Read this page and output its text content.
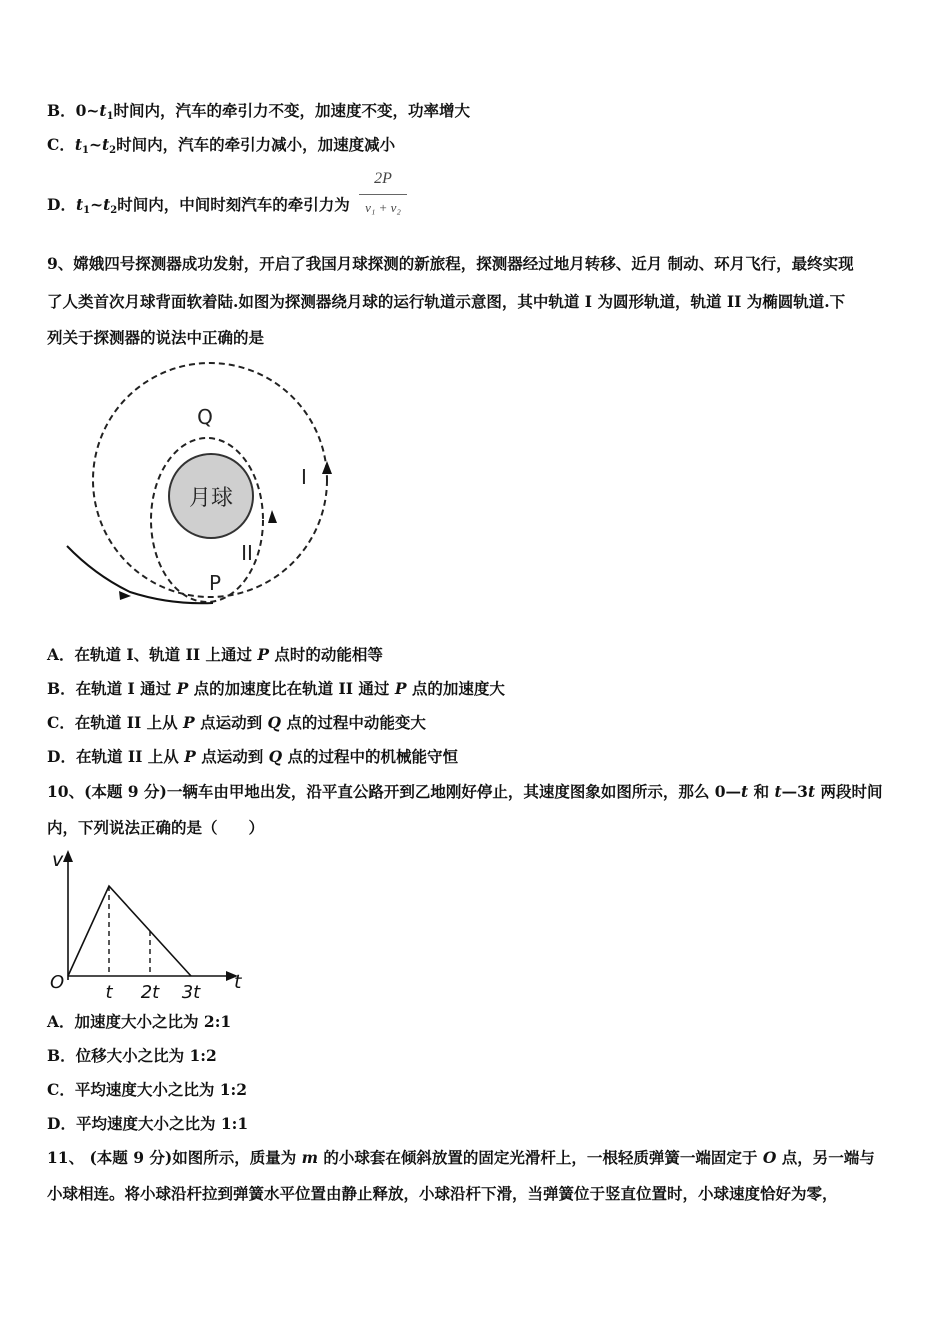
B．$0\sim t_1$时间内，汽车的牵引力不变，加速度不变，功率增大
C．$t_1\sim t_2$时间内，汽车的牵引力减小，加速度减小
D．$t_1\sim t_2$时间内，中间时刻汽车的牵引力为
2P
v₁ + v₂
9、嫦娥四号探测器成功发射，开启了我国月球探测的新旅程，探测器经过地月转移、近月 制动、环月飞行，最终实现
了人类首次月球背面软着陆.如图为探测器绕月球的运行轨道示意图，其中轨道 I 为圆形轨道，轨道 II 为椭圆轨道.下
列关于探测器的说法中正确的是
月球
Q
P
I
II
A．在轨道 I、轨道 II 上通过 P 点时的动能相等
B．在轨道 I 通过 P 点的加速度比在轨道 II 通过 P 点的加速度大
C．在轨道 II 上从 P 点运动到 Q 点的过程中动能变大
D．在轨道 II 上从 P 点运动到 Q 点的过程中的机械能守恒
10、(本题 9 分)一辆车由甲地出发，沿平直公路开到乙地刚好停止，其速度图象如图所示，那么 0—t 和 t—3t 两段时间
内，下列说法正确的是（　　）
v
O	t
t 2t 3t
A．加速度大小之比为 2:1
B．位移大小之比为 1:2
C．平均速度大小之比为 1:2
D．平均速度大小之比为 1:1
11、 (本题 9 分)如图所示，质量为 m 的小球套在倾斜放置的固定光滑杆上，一根轻质弹簧一端固定于 O 点，另一端与
小球相连。将小球沿杆拉到弹簧水平位置由静止释放，小球沿杆下滑，当弹簧位于竖直位置时，小球速度恰好为零，
